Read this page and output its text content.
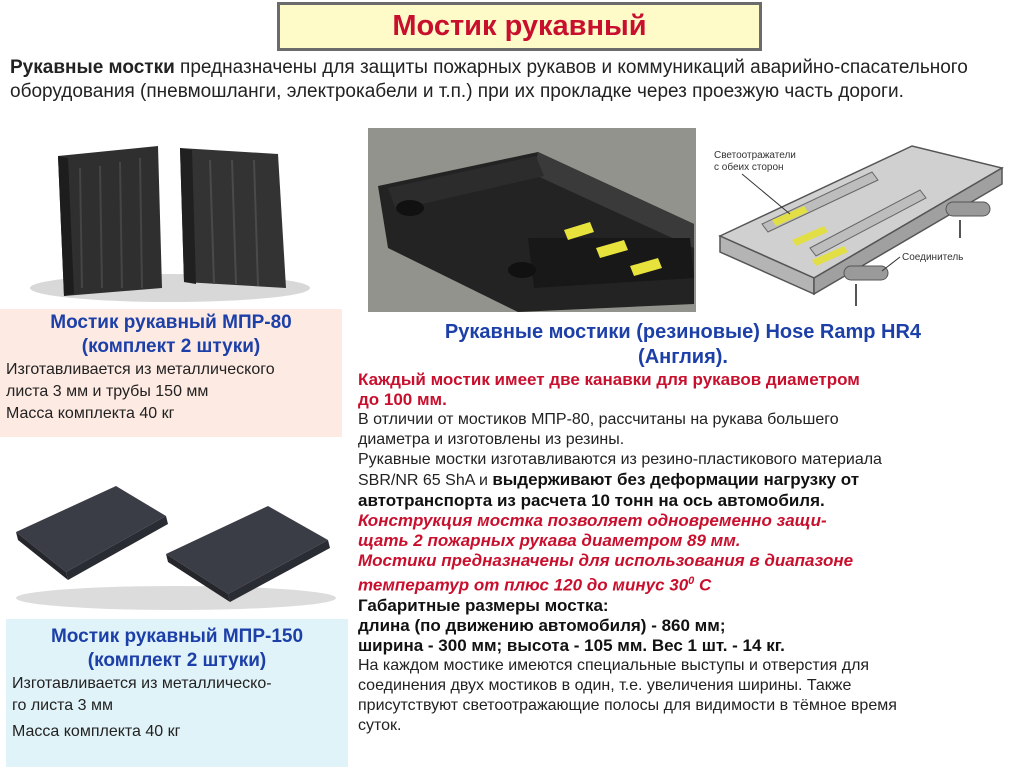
Мостик рукавный
Рукавные мостки предназначены для защиты пожарных рукавов и коммуникаций аварийно-спасательного оборудования (пневмошланги, электрокабели и т.п.) при их прокладке через проезжую часть дороги.
Светоотражатели
с обеих сторон
Соединитель
Мостик рукавный МПР-80
(комплект 2 штуки)
Изготавливается из металлического
листа 3 мм и трубы 150 мм
Масса комплекта 40 кг
Мостик рукавный МПР-150
(комплект 2 штуки)
Изготавливается из металлическо-
го листа 3 мм
Масса комплекта 40 кг
Рукавные мостики (резиновые) Hose Ramp HR4
(Англия).
Каждый мостик имеет две канавки для рукавов диаметром
до 100 мм.
В отличии от мостиков МПР-80, рассчитаны на рукава большего
диаметра и изготовлены из резины.
Рукавные мостки изготавливаются из резино-пластикового материала
SBR/NR 65 ShA и выдерживают без деформации нагрузку от
автотранспорта из расчета 10 тонн на ось автомобиля.
Конструкция мостка позволяет одновременно защи-
щать 2 пожарных рукава диаметром 89 мм.
Мостики предназначены для использования в диапазоне
температур от плюс 120 до минус $30^0$ С
Габаритные размеры мостка:
длина (по движению автомобиля) - 860 мм;
ширина - 300 мм; высота - 105 мм. Вес 1 шт. - 14 кг.
На каждом мостике имеются специальные выступы и отверстия для
соединения двух мостиков в один, т.е. увеличения ширины. Также
присутствуют светоотражающие полосы для видимости в тёмное время
суток.
